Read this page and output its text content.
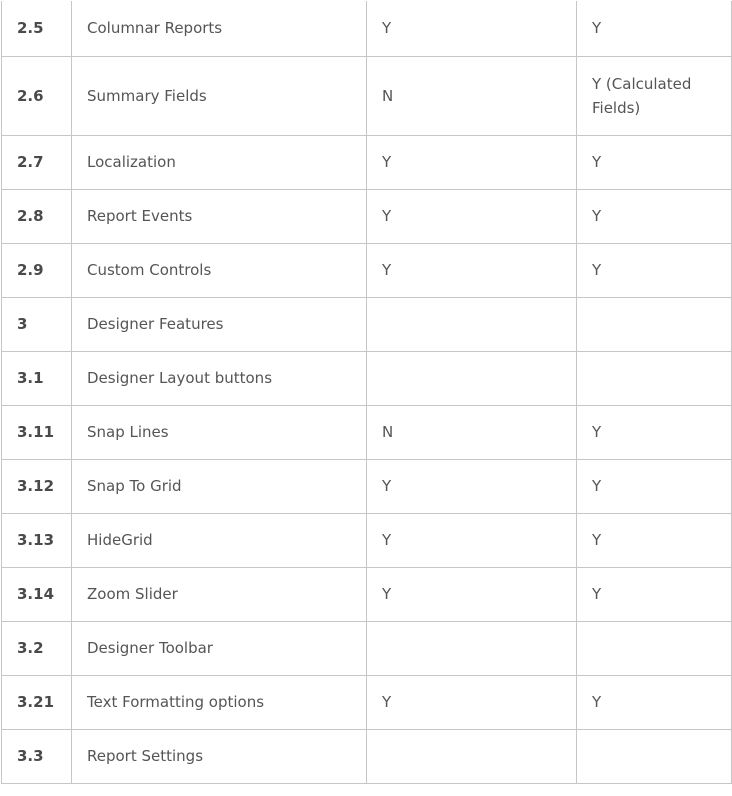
2.5	Columnar Reports	Y	Y
2.6	Summary Fields	N	Y (Calculated Fields)
2.7	Localization	Y	Y
2.8	Report Events	Y	Y
2.9	Custom Controls	Y	Y
3	Designer Features		
3.1	Designer Layout buttons		
3.11	Snap Lines	N	Y
3.12	Snap To Grid	Y	Y
3.13	HideGrid	Y	Y
3.14	Zoom Slider	Y	Y
3.2	Designer Toolbar		
3.21	Text Formatting options	Y	Y
3.3	Report Settings		
